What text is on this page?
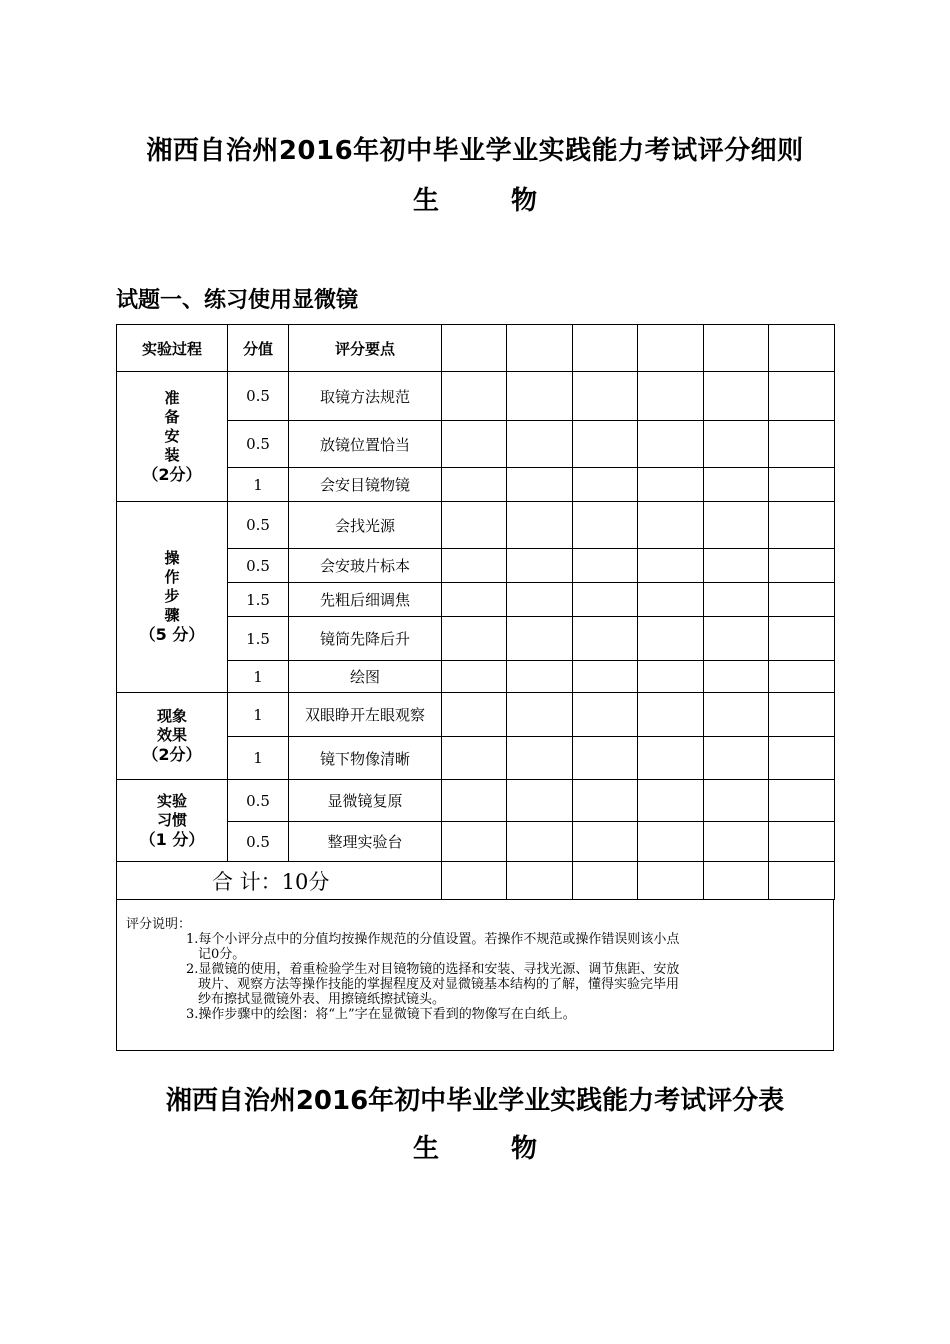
湘西自治州2016年初中毕业学业实践能力考试评分细则
生	物
试题一、练习使用显微镜
实验过程	分值	评分要点						
准备安装
（2分）	0.5	取镜方法规范						
	0.5	放镜位置恰当						
	1	会安目镜物镜						
操作步骤
（5 分）	0.5	会找光源						
	0.5	会安玻片标本						
	1.5	先粗后细调焦						
	1.5	镜筒先降后升						
	1	绘图						
现象效果
（2分）	1	双眼睁开左眼观察						
	1	镜下物像清晰						
实验习惯
（1 分）	0.5	显微镜复原						
	0.5	整理实验台						
合 计：10分								

评分说明：

1.每个小评分点中的分值均按操作规范的分值设置。若操作不规范或操作错误则该小点

记0分。

2.显微镜的使用，着重检验学生对目镜物镜的选择和安装、寻找光源、调节焦距、安放

玻片、观察方法等操作技能的掌握程度及对显微镜基本结构的了解，懂得实验完毕用

纱布擦拭显微镜外表、用擦镜纸擦拭镜头。

3.操作步骤中的绘图：将“上”字在显微镜下看到的物像写在白纸上。

湘西自治州2016年初中毕业学业实践能力考试评分表
生	物
